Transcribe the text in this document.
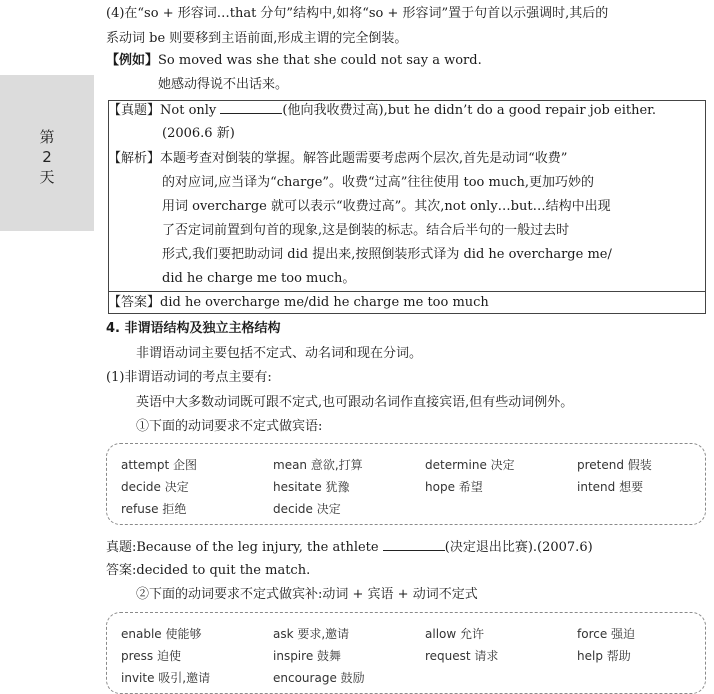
第
2
天
(4)在“so + 形容词…that 分句”结构中,如将“so + 形容词”置于句首以示强调时,其后的
系动词 be 则要移到主语前面,形成主谓的完全倒装。
【例如】So moved was she that she could not say a word.
她感动得说不出话来。
【真题】Not only	(他向我收费过高),but he didn’t do a good repair job either.
(2006.6 新)
【解析】本题考查对倒装的掌握。解答此题需要考虑两个层次,首先是动词“收费”
的对应词,应当译为“charge”。收费“过高”往往使用 too much,更加巧妙的
用词 overcharge 就可以表示“收费过高”。其次,not only…but…结构中出现
了否定词前置到句首的现象,这是倒装的标志。结合后半句的一般过去时
形式,我们要把助动词 did 提出来,按照倒装形式译为 did he overcharge me/
did he charge me too much。
【答案】did he overcharge me/did he charge me too much
4. 非谓语结构及独立主格结构
非谓语动词主要包括不定式、动名词和现在分词。
(1)非谓语动词的考点主要有:
英语中大多数动词既可跟不定式,也可跟动名词作直接宾语,但有些动词例外。
①下面的动词要求不定式做宾语:
attempt 企图	mean 意欲,打算	determine 决定	pretend 假装
decide 决定	hesitate 犹豫	hope 希望	intend 想要
refuse 拒绝	decide 决定
真题:Because of the leg injury, the athlete	(决定退出比赛).(2007.6)
答案:decided to quit the match.
②下面的动词要求不定式做宾补:动词 + 宾语 + 动词不定式
enable 使能够	ask 要求,邀请	allow 允许	force 强迫
press 迫使	inspire 鼓舞	request 请求	help 帮助
invite 吸引,邀请	encourage 鼓励
